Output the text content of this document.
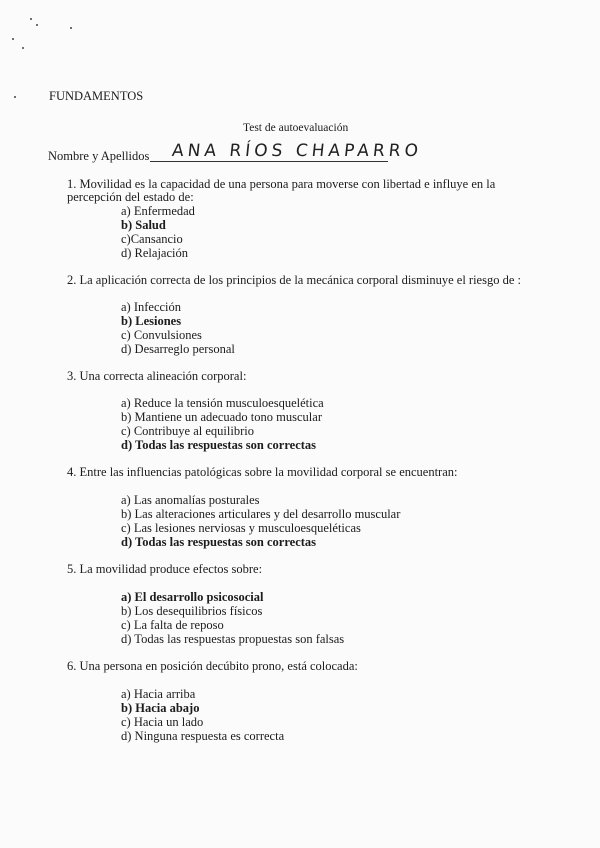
FUNDAMENTOS
Test de autoevaluación
Nombre y Apellidos ANA RÍOS CHAPARRO
1. Movilidad es la capacidad de una persona para moverse con libertad e influye en la
percepción del estado de:
a) Enfermedad
b) Salud
c)Cansancio
d) Relajación
2. La aplicación correcta de los principios de la mecánica corporal disminuye el riesgo de :
a) Infección
b) Lesiones
c) Convulsiones
d) Desarreglo personal
3. Una correcta alineación corporal:
a) Reduce la tensión musculoesquelética
b) Mantiene un adecuado tono muscular
c) Contribuye al equilibrio
d) Todas las respuestas son correctas
4. Entre las influencias patológicas sobre la movilidad corporal se encuentran:
a) Las anomalías posturales
b) Las alteraciones articulares y del desarrollo muscular
c) Las lesiones nerviosas y musculoesqueléticas
d) Todas las respuestas son correctas
5. La movilidad produce efectos sobre:
a) El desarrollo psicosocial
b) Los desequilibrios físicos
c) La falta de reposo
d) Todas las respuestas propuestas son falsas
6. Una persona en posición decúbito prono, está colocada:
a) Hacia arriba
b) Hacia abajo
c) Hacia un lado
d) Ninguna respuesta es correcta
